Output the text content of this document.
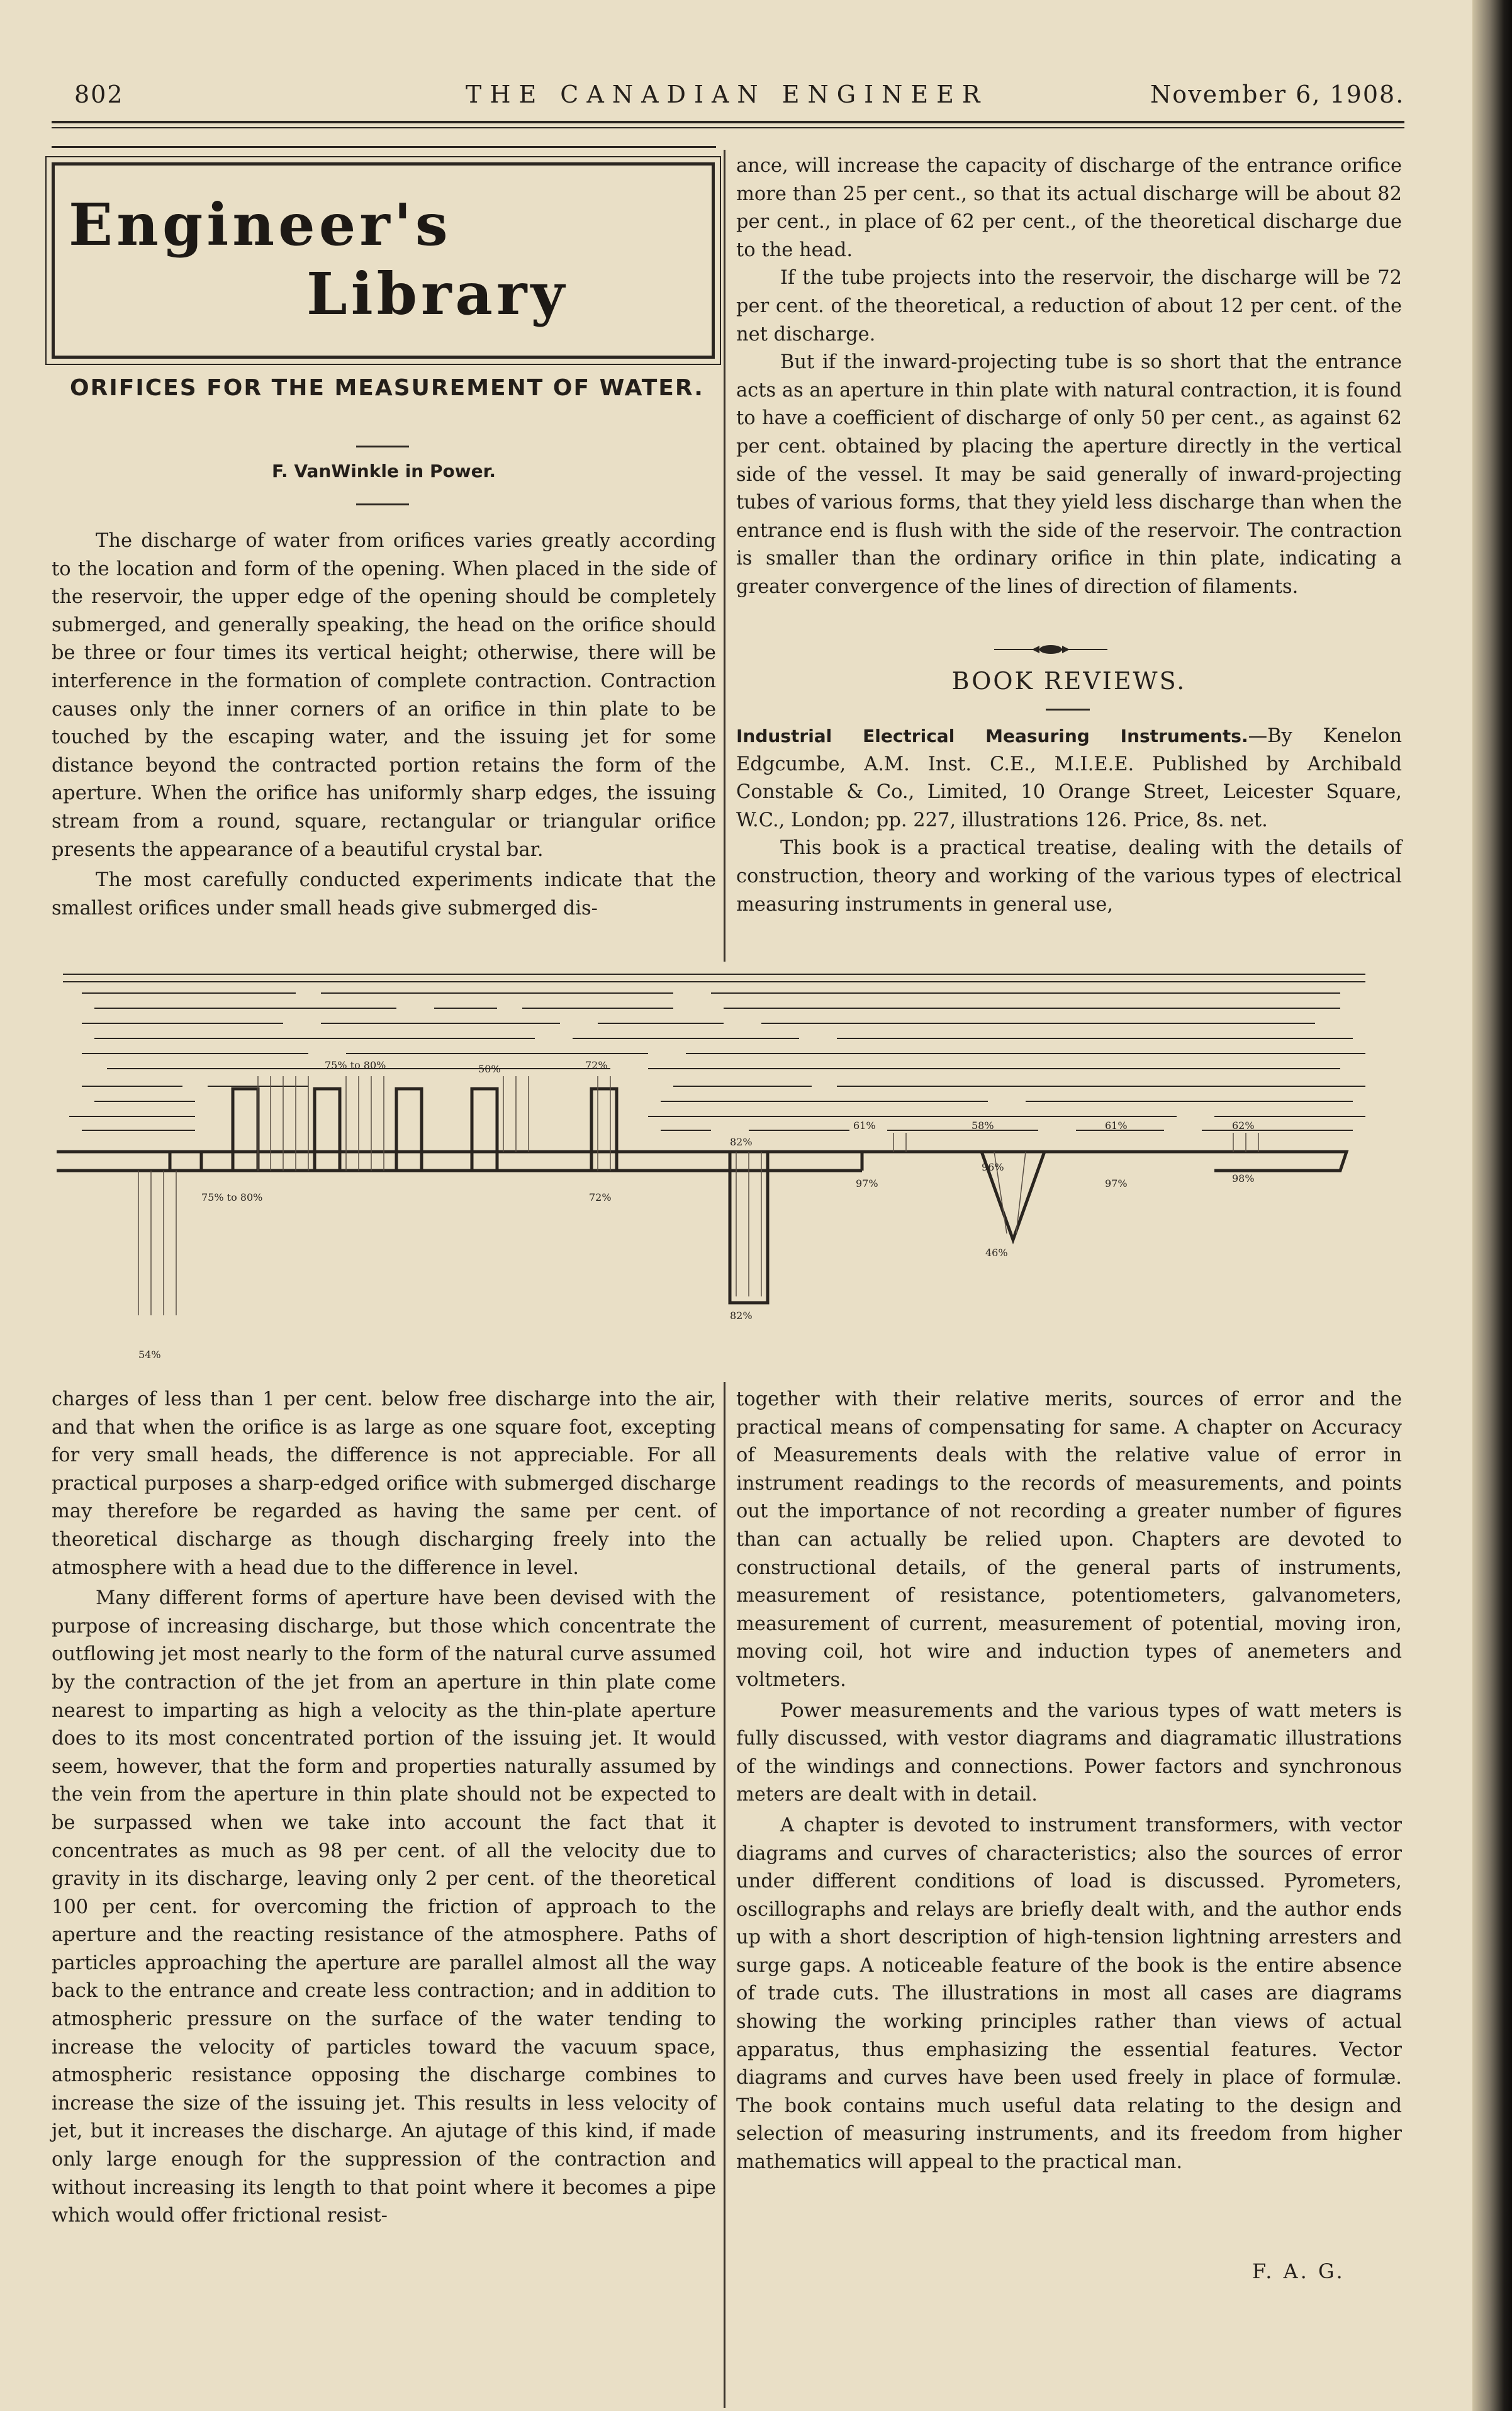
802	THE CANADIAN ENGINEER	November 6, 1908.
Engineer's
Library
ORIFICES FOR THE MEASUREMENT OF WATER.
F. VanWinkle in Power.

The discharge of water from orifices varies greatly according to the location and form of the opening. When placed in the side of the reservoir, the upper edge of the opening should be completely submerged, and generally speaking, the head on the orifice should be three or four times its vertical height; otherwise, there will be interference in the formation of complete contraction. Contraction causes only the inner corners of an orifice in thin plate to be touched by the escaping water, and the issuing jet for some distance beyond the contracted portion retains the form of the aperture. When the orifice has uniformly sharp edges, the issuing stream from a round, square, rectangular or triangular orifice presents the appearance of a beautiful crystal bar.

The most carefully conducted experiments indicate that the smallest orifices under small heads give submerged dis-

ance, will increase the capacity of discharge of the entrance orifice more than 25 per cent., so that its actual discharge will be about 82 per cent., in place of 62 per cent., of the theoretical discharge due to the head.

If the tube projects into the reservoir, the discharge will be 72 per cent. of the theoretical, a reduction of about 12 per cent. of the net discharge.

But if the inward-projecting tube is so short that the entrance acts as an aperture in thin plate with natural contraction, it is found to have a coefficient of discharge of only 50 per cent., as against 62 per cent. obtained by placing the aperture directly in the vertical side of the vessel. It may be said generally of inward-projecting tubes of various forms, that they yield less discharge than when the entrance end is flush with the side of the reservoir. The contraction is smaller than the ordinary orifice in thin plate, indicating a greater convergence of the lines of direction of filaments.

BOOK REVIEWS.

Industrial Electrical Measuring Instruments.—By Kenelon Edgcumbe, A.M. Inst. C.E., M.I.E.E. Published by Archibald Constable & Co., Limited, 10 Orange Street, Leicester Square, W.C., London; pp. 227, illustrations 126. Price, 8s. net.

This book is a practical treatise, dealing with the details of construction, theory and working of the various types of electrical measuring instruments in general use,

54%
75% to 80%
75% to 80%
50%	72%
72%
82%
82%
61%
97%
58%
96%
46%
61%
97%
62%
98%

charges of less than 1 per cent. below free discharge into the air, and that when the orifice is as large as one square foot, excepting for very small heads, the difference is not appreciable. For all practical purposes a sharp-edged orifice with submerged discharge may therefore be regarded as having the same per cent. of theoretical discharge as though discharging freely into the atmosphere with a head due to the difference in level.

Many different forms of aperture have been devised with the purpose of increasing discharge, but those which concentrate the outflowing jet most nearly to the form of the natural curve assumed by the contraction of the jet from an aperture in thin plate come nearest to imparting as high a velocity as the thin-plate aperture does to its most concentrated portion of the issuing jet. It would seem, however, that the form and properties naturally assumed by the vein from the aperture in thin plate should not be expected to be surpassed when we take into account the fact that it concentrates as much as 98 per cent. of all the velocity due to gravity in its discharge, leaving only 2 per cent. of the theoretical 100 per cent. for overcoming the friction of approach to the aperture and the reacting resistance of the atmosphere. Paths of particles approaching the aperture are parallel almost all the way back to the entrance and create less contraction; and in addition to atmospheric pressure on the surface of the water tending to increase the velocity of particles toward the vacuum space, atmospheric resistance opposing the discharge combines to increase the size of the issuing jet. This results in less velocity of jet, but it increases the discharge. An ajutage of this kind, if made only large enough for the suppression of the contraction and without increasing its length to that point where it becomes a pipe which would offer frictional resist-

together with their relative merits, sources of error and the practical means of compensating for same. A chapter on Accuracy of Measurements deals with the relative value of error in instrument readings to the records of measurements, and points out the importance of not recording a greater number of figures than can actually be relied upon. Chapters are devoted to constructional details, of the general parts of instruments, measurement of resistance, potentiometers, galvanometers, measurement of current, measurement of potential, moving iron, moving coil, hot wire and induction types of anemeters and voltmeters.

Power measurements and the various types of watt meters is fully discussed, with vestor diagrams and diagramatic illustrations of the windings and connections. Power factors and synchronous meters are dealt with in detail.

A chapter is devoted to instrument transformers, with vector diagrams and curves of characteristics; also the sources of error under different conditions of load is discussed. Pyrometers, oscillographs and relays are briefly dealt with, and the author ends up with a short description of high-tension lightning arresters and surge gaps. A noticeable feature of the book is the entire absence of trade cuts. The illustrations in most all cases are diagrams showing the working principles rather than views of actual apparatus, thus emphasizing the essential features. Vector diagrams and curves have been used freely in place of formulæ. The book contains much useful data relating to the design and selection of measuring instruments, and its freedom from higher mathematics will appeal to the practical man.

F. A. G.
